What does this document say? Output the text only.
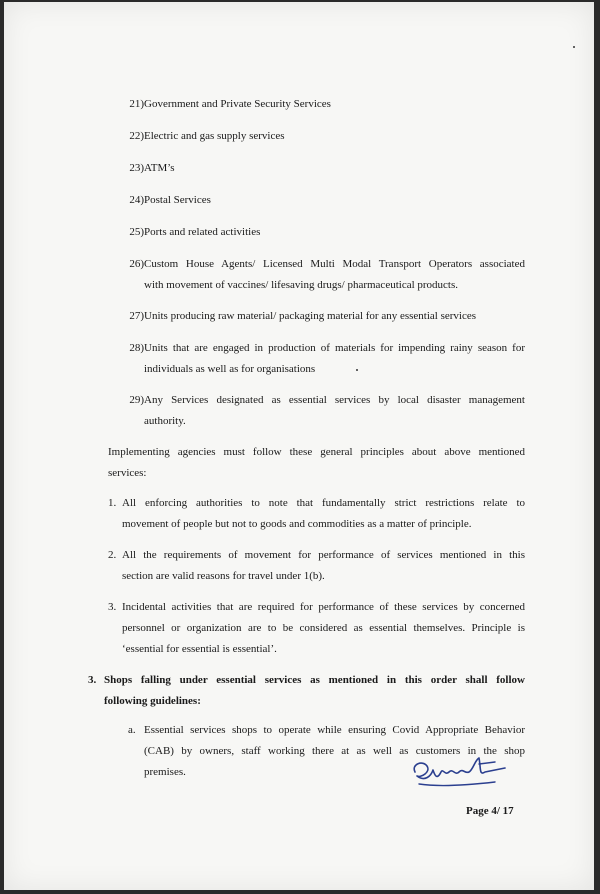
21) Government and Private Security Services
22) Electric and gas supply services
23) ATM’s
24) Postal Services
25) Ports and related activities
26) Custom House Agents/ Licensed Multi Modal Transport Operators associated
with movement of vaccines/ lifesaving drugs/ pharmaceutical products.
27) Units producing raw material/ packaging material for any essential services
28) Units that are engaged in production of materials for impending rainy season for
individuals as well as for organisations
29) Any Services designated as essential services by local disaster management
authority.
Implementing agencies must follow these general principles about above mentioned
services:
1. All enforcing authorities to note that fundamentally strict restrictions relate to
movement of people but not to goods and commodities as a matter of principle.
2. All the requirements of movement for performance of services mentioned in this
section are valid reasons for travel under 1(b).
3. Incidental activities that are required for performance of these services by concerned
personnel or organization are to be considered as essential themselves. Principle is
‘essential for essential is essential’.
3. Shops falling under essential services as mentioned in this order shall follow
following guidelines:
a. Essential services shops to operate while ensuring Covid Appropriate Behavior
(CAB) by owners, staff working there at as well as customers in the shop
premises.
Page 4/ 17
